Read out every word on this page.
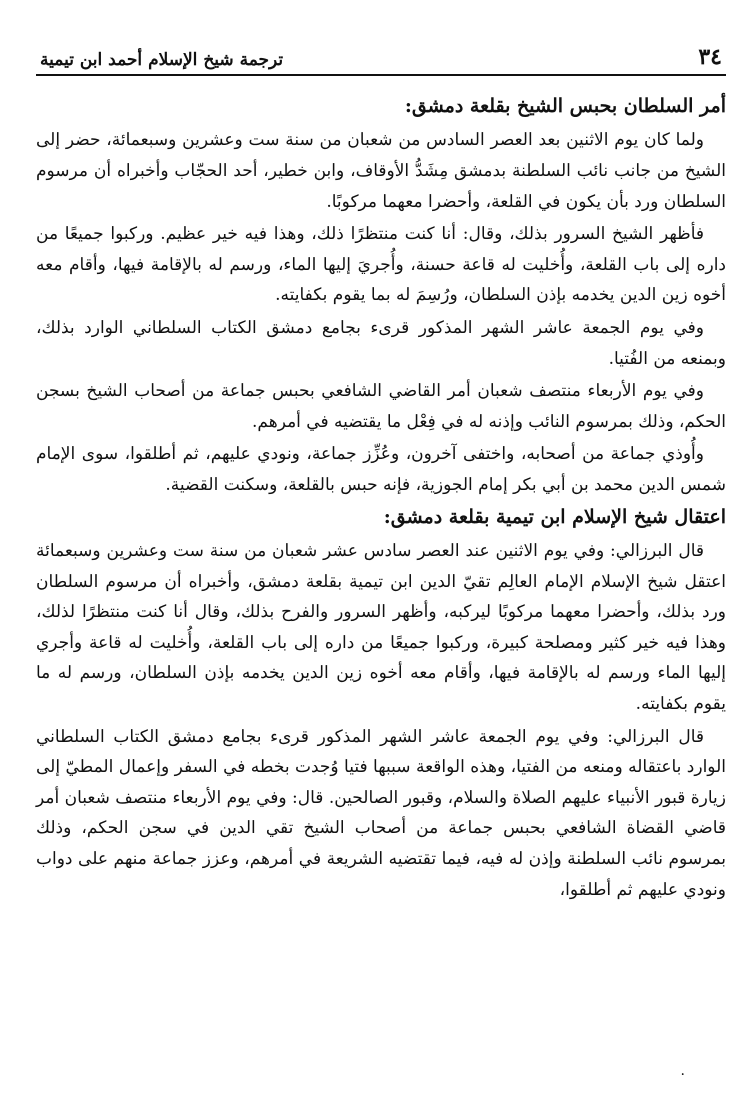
٣٤
ترجمة شيخ الإسلام أحمد ابن تيمية
أمر السلطان بحبس الشيخ بقلعة دمشق:

ولما كان يوم الاثنين بعد العصر السادس من شعبان من سنة ست وعشرين وسبعمائة، حضر إلى الشيخ من جانب نائب السلطنة بدمشق مِشَدُّ الأوقاف، وابن خطير، أحد الحجّاب وأخبراه أن مرسوم السلطان ورد بأن يكون في القلعة، وأحضرا معهما مركوبًا.

فأظهر الشيخ السرور بذلك، وقال: أنا كنت منتظرًا ذلك، وهذا فيه خير عظيم. وركبوا جميعًا من داره إلى باب القلعة، وأُخليت له قاعة حسنة، وأُجريَ إليها الماء، ورسم له بالإقامة فيها، وأقام معه أخوه زين الدين يخدمه بإذن السلطان، ورُسِمَ له بما يقوم بكفايته.

وفي يوم الجمعة عاشر الشهر المذكور قرىء بجامع دمشق الكتاب السلطاني الوارد بذلك، وبمنعه من الفُتيا.

وفي يوم الأربعاء منتصف شعبان أمر القاضي الشافعي بحبس جماعة من أصحاب الشيخ بسجن الحكم، وذلك بمرسوم النائب وإذنه له في فِعْل ما يقتضيه في أمرهم.

وأُوذي جماعة من أصحابه، واختفى آخرون، وعُزِّز جماعة، ونودي عليهم، ثم أطلقوا، سوى الإمام شمس الدين محمد بن أبي بكر إمام الجوزية، فإنه حبس بالقلعة، وسكنت القضية.

اعتقال شيخ الإسلام ابن تيمية بقلعة دمشق:

قال البرزالي: وفي يوم الاثنين عند العصر سادس عشر شعبان من سنة ست وعشرين وسبعمائة اعتقل شيخ الإسلام الإمام العالِم تقيّ الدين ابن تيمية بقلعة دمشق، وأخبراه أن مرسوم السلطان ورد بذلك، وأحضرا معهما مركوبًا ليركبه، وأظهر السرور والفرح بذلك، وقال أنا كنت منتظرًا لذلك، وهذا فيه خير كثير ومصلحة كبيرة، وركبوا جميعًا من داره إلى باب القلعة، وأُخليت له قاعة وأجري إليها الماء ورسم له بالإقامة فيها، وأقام معه أخوه زين الدين يخدمه بإذن السلطان، ورسم له ما يقوم بكفايته.

قال البرزالي: وفي يوم الجمعة عاشر الشهر المذكور قرىء بجامع دمشق الكتاب السلطاني الوارد باعتقاله ومنعه من الفتيا، وهذه الواقعة سببها فتيا وُجدت بخطه في السفر وإعمال المطيّ إلى زيارة قبور الأنبياء عليهم الصلاة والسلام، وقبور الصالحين. قال: وفي يوم الأربعاء منتصف شعبان أمر قاضي القضاة الشافعي بحبس جماعة من أصحاب الشيخ تقي الدين في سجن الحكم، وذلك بمرسوم نائب السلطنة وإذن له فيه، فيما تقتضيه الشريعة في أمرهم، وعزز جماعة منهم على دواب ونودي عليهم ثم أطلقوا،

.
